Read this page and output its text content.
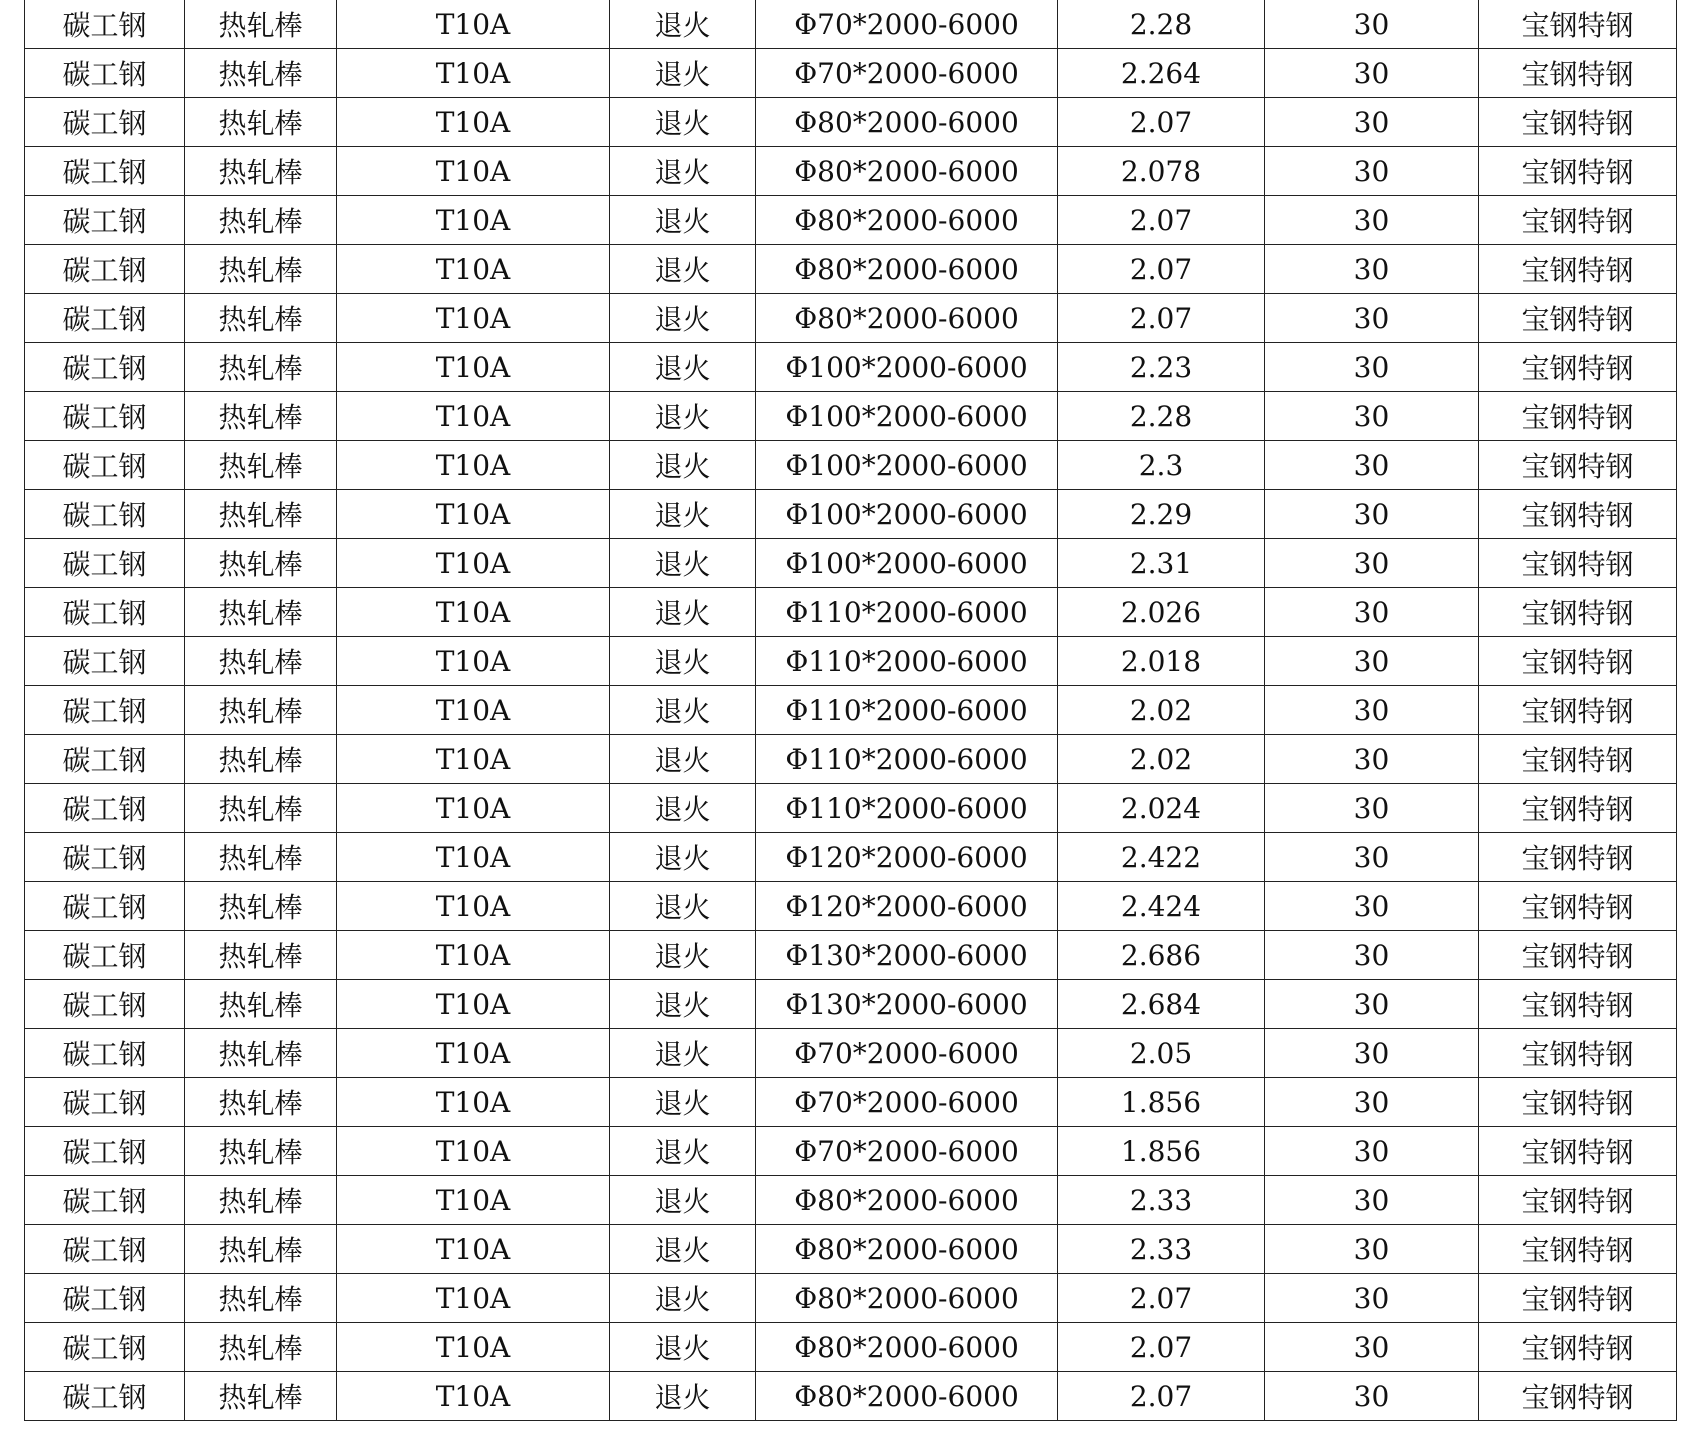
碳工钢	热轧棒	T10A	退火	Φ70*2000-6000	2.28	30	宝钢特钢
碳工钢	热轧棒	T10A	退火	Φ70*2000-6000	2.264	30	宝钢特钢
碳工钢	热轧棒	T10A	退火	Φ80*2000-6000	2.07	30	宝钢特钢
碳工钢	热轧棒	T10A	退火	Φ80*2000-6000	2.078	30	宝钢特钢
碳工钢	热轧棒	T10A	退火	Φ80*2000-6000	2.07	30	宝钢特钢
碳工钢	热轧棒	T10A	退火	Φ80*2000-6000	2.07	30	宝钢特钢
碳工钢	热轧棒	T10A	退火	Φ80*2000-6000	2.07	30	宝钢特钢
碳工钢	热轧棒	T10A	退火	Φ100*2000-6000	2.23	30	宝钢特钢
碳工钢	热轧棒	T10A	退火	Φ100*2000-6000	2.28	30	宝钢特钢
碳工钢	热轧棒	T10A	退火	Φ100*2000-6000	2.3	30	宝钢特钢
碳工钢	热轧棒	T10A	退火	Φ100*2000-6000	2.29	30	宝钢特钢
碳工钢	热轧棒	T10A	退火	Φ100*2000-6000	2.31	30	宝钢特钢
碳工钢	热轧棒	T10A	退火	Φ110*2000-6000	2.026	30	宝钢特钢
碳工钢	热轧棒	T10A	退火	Φ110*2000-6000	2.018	30	宝钢特钢
碳工钢	热轧棒	T10A	退火	Φ110*2000-6000	2.02	30	宝钢特钢
碳工钢	热轧棒	T10A	退火	Φ110*2000-6000	2.02	30	宝钢特钢
碳工钢	热轧棒	T10A	退火	Φ110*2000-6000	2.024	30	宝钢特钢
碳工钢	热轧棒	T10A	退火	Φ120*2000-6000	2.422	30	宝钢特钢
碳工钢	热轧棒	T10A	退火	Φ120*2000-6000	2.424	30	宝钢特钢
碳工钢	热轧棒	T10A	退火	Φ130*2000-6000	2.686	30	宝钢特钢
碳工钢	热轧棒	T10A	退火	Φ130*2000-6000	2.684	30	宝钢特钢
碳工钢	热轧棒	T10A	退火	Φ70*2000-6000	2.05	30	宝钢特钢
碳工钢	热轧棒	T10A	退火	Φ70*2000-6000	1.856	30	宝钢特钢
碳工钢	热轧棒	T10A	退火	Φ70*2000-6000	1.856	30	宝钢特钢
碳工钢	热轧棒	T10A	退火	Φ80*2000-6000	2.33	30	宝钢特钢
碳工钢	热轧棒	T10A	退火	Φ80*2000-6000	2.33	30	宝钢特钢
碳工钢	热轧棒	T10A	退火	Φ80*2000-6000	2.07	30	宝钢特钢
碳工钢	热轧棒	T10A	退火	Φ80*2000-6000	2.07	30	宝钢特钢
碳工钢	热轧棒	T10A	退火	Φ80*2000-6000	2.07	30	宝钢特钢
